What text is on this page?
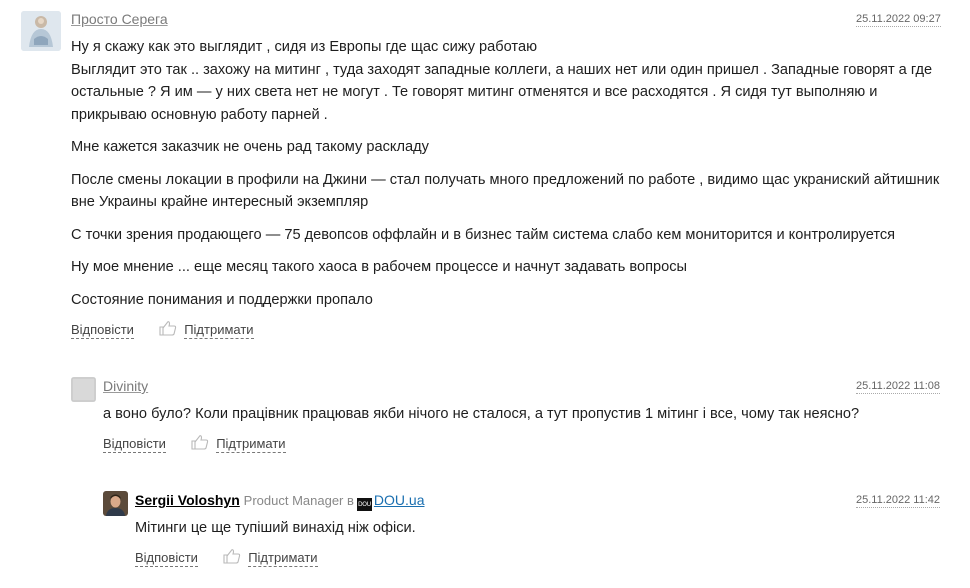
Просто Серега	25.11.2022 09:27

Ну я скажу как это выглядит , сидя из Европы где щас сижу работаю
Выглядит это так .. захожу на митинг , туда заходят западные коллеги, а наших нет или один пришел . Западные говорят а где остальные ? Я им — у них света нет не могут . Те говорят митинг отменятся и все расходятся . Я сидя тут выполняю и прикрываю основную работу парней .

Мне кажется заказчик не очень рад такому раскладу

После смены локации в профили на Джини — стал получать много предложений по работе , видимо щас украниский айтишник вне Украины крайне интересный экземпляр

С точки зрения продающего — 75 девопсов оффлайн и в бизнес тайм система слабо кем мониторится и контролируется

Ну мое мнение ... еще месяц такого хаоса в рабочем процессе и начнут задавать вопросы

Состояние понимания и поддержки пропало

Відповісти	Підтримати
Divinity	25.11.2022 11:08

а воно було? Коли працівник працював якби нічого не сталося, а тут пропустив 1 мітинг і все, чому так неясно?

Відповісти	Підтримати
Sergii Voloshyn Product Manager в DOU DOU.ua	25.11.2022 11:42

Мітинги це ще тупіший винахід ніж офіси.

Відповісти	Підтримати
